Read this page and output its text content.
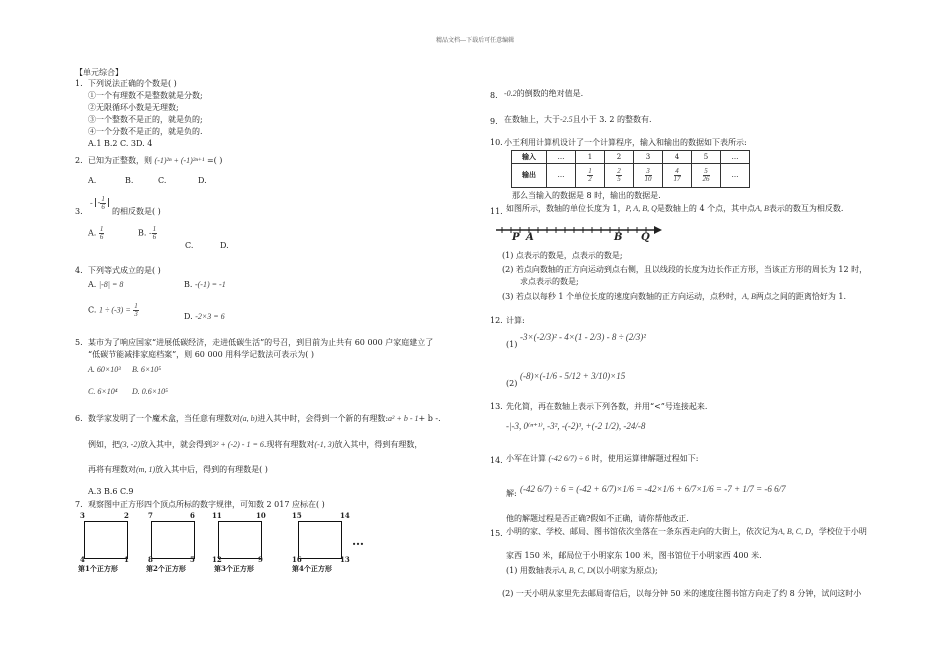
精品文档---下载后可任意编辑
【单元综合】
1. 下列说法正确的个数是( )
①一个有理数不是整数就是分数;
②无限循环小数是无理数;
③一个整数不是正的，就是负的;
④一个分数不是正的，就是负的.
A.1 B.2 C. 3D. 4
2. 已知为正整数，则 (-1)²ⁿ + (-1)²ⁿ⁺¹ =( )
A.	B.	C.	D.
- - $\frac{1}{6}$
3.	的相反数是( )
A. $\frac{1}{6}$	B. - $\frac{1}{6}$
C.	D.
4. 下列等式成立的是( )
A. |-8| = 8	B. -(-1) = -1
C. $1 \div (-3) = \frac{1}{3}$	D. -2×3 = 6
5. 某市为了响应国家“进展低碳经济，走进低碳生活”的号召，到目前为止共有 60 000 户家庭建立了
“低碳节能减排家庭档案”，则 60 000 用科学记数法可表示为( )
A. 60×10³ B. 6×10⁵
C. 6×10⁴ D. 0.6×10⁵
6. 数学家发明了一个魔术盒，当任意有理数对(a, b)进入其中时，会得到一个新的有理数:a² + b - 1+ b -.
例如，把(3, -2)放入其中，就会得到3² + (-2) - 1 = 6.现将有理数对(-1, 3)放入其中，得到有理数，
再将有理数对(m, 1)放入其中后，得到的有理数是( )
A.3 B.6 C.9
7. 观察图中正方形四个顶点所标的数字规律，可知数 2 017 应标在( )
3	2
4	1
第1个正方形
7	6
8	5
第2个正方形
11	10
12	9
第3个正方形
15	14
16	13
第4个正方形
…
8. -0.2的倒数的绝对值是.
9. 在数轴上，大于-2.5且小于 3. 2 的整数有.
10. 小王利用计算机设计了一个计算程序，输入和输出的数据如下表所示:
输入	…	1	2	3	4	5	…
输出	…	$\frac{1}{2}$	$\frac{2}{5}$	$\frac{3}{10}$	$\frac{4}{17}$	$\frac{5}{26}$	…
那么当输入的数据是 8 时，输出的数据是.
11. 如图所示，数轴的单位长度为 1，P, A, B, Q是数轴上的 4 个点，其中点A, B表示的数互为相反数.
P A	B Q
(1) 点表示的数是，点表示的数是;
(2) 若点向数轴的正方向运动到点右侧，且以线段的长度为边长作正方形，当该正方形的周长为 12 时，
求点表示的数是;
(3) 若点以每秒 1 个单位长度的速度向数轴的正方向运动，点秒时，A, B两点之间的距离恰好为 1.
12. 计算:
(1)
-3×(-2/3)² - 4×(1 - 2/3) - 8 ÷ (2/3)²
(2)
(-8)×(-1/6 - 5/12 + 3/10)×15
13. 先化简，再在数轴上表示下列各数，并用“<”号连接起来.
-|-3, 0⁽ⁿ⁺¹⁾, -3², -(-2)³, +(-2 1/2), -24/-8
14. 小军在计算 (-42 6/7) ÷ 6 时，使用运算律解题过程如下:
解: (-42 6/7) ÷ 6 = (-42 + 6/7)×1/6 = -42×1/6 + 6/7×1/6 = -7 + 1/7 = -6 6/7
他的解题过程是否正确?假如不正确，请你帮他改正.
15. 小明的家、学校、邮局、图书馆依次坐落在一条东西走向的大街上，依次记为A, B, C, D，学校位于小明
家西 150 米，邮局位于小明家东 100 米，图书馆位于小明家西 400 米.
(1) 用数轴表示A, B, C, D(以小明家为原点);
(2) 一天小明从家里先去邮局寄信后，以每分钟 50 米的速度往图书馆方向走了约 8 分钟，试问这时小
